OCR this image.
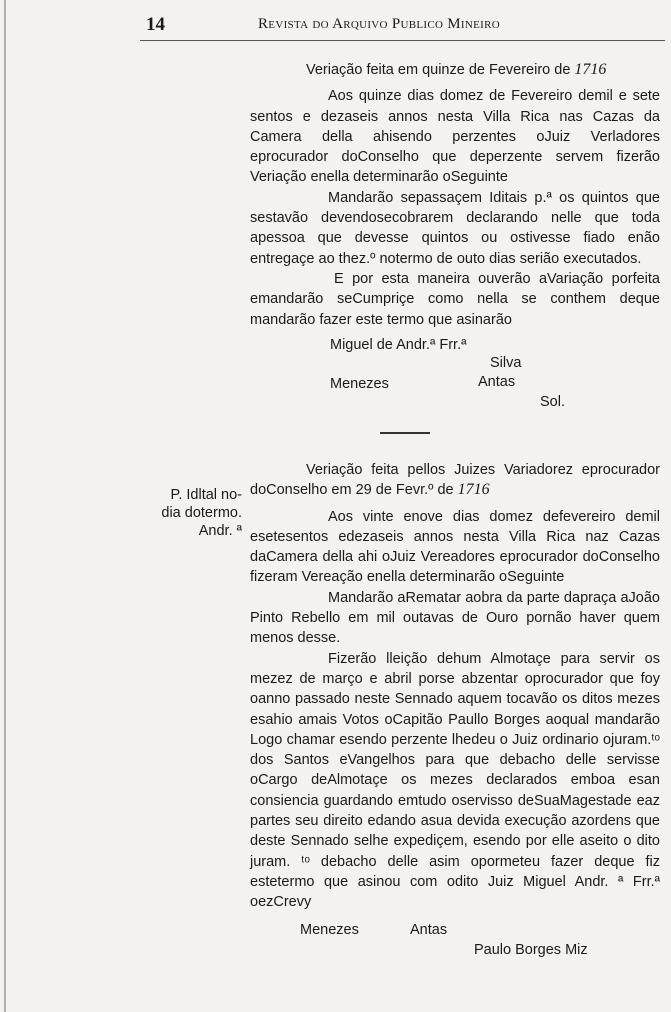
14	Revista do Arquivo Publico Mineiro

Veriação feita em quinze de Fevereiro de 1716

Aos quinze dias domez de Fevereiro demil e sete sentos e dezaseis annos nesta Villa Rica nas Cazas da Camera della ahisendo perzentes oJuiz Verladores eprocurador doConselho que deperzente servem fizerão Veriação enella determinarão oSeguinte

Mandarão sepassaçem Iditais p.ª os quintos que sestavão devendosecobrarem declarando nelle que toda apessoa que devesse quintos ou ostivesse fiado enão entregaçe ao thez.º notermo de outo dias serião executados.

E por esta maneira ouverão aVariação porfeita emandarão seCumpriçe como nella se conthem deque mandarão fazer este termo que asinarão

P. Idltal no-
dia dotermo.
Andr. ª
Miguel de Andr.ª Frr.ª
Silva
Menezes	Antas
Sol.

Veriação feita pellos Juizes Variadorez eprocurador doConselho em 29 de Fevr.º de 1716

Aos vinte enove dias domez defevereiro demil esetesentos edezaseis annos nesta Villa Rica naz Cazas daCamera della ahi oJuiz Vereadores eprocurador doConselho fizeram Vereação enella determinarão oSeguinte

Mandarão aRematar aobra da parte dapraça aJoão Pinto Rebello em mil outavas de Ouro pornão haver quem menos desse.

Fizerão lleição dehum Almotaçe para servir os mezez de março e abril porse abzentar oprocurador que foy oanno passado neste Sennado aquem tocavão os ditos mezes esahio amais Votos oCapitão Paullo Borges aoqual mandarão Logo chamar esendo perzente lhedeu o Juiz ordinario ojuram.ᵗᵒ dos Santos eVangelhos para que debacho delle servisse oCargo deAlmotaçe os mezes declarados emboa esan consiencia guardando emtudo oservisso deSuaMagestade eaz partes seu direito edando asua devida execução azordens que deste Sennado selhe expediçem, esendo por elle aseito o dito juram. ᵗᵒ debacho delle asim opormeteu fazer deque fiz estetermo que asinou com odito Juiz Miguel Andr. ª Frr.ª oezCrevy

Menezes	Antas
Paulo Borges Miz
